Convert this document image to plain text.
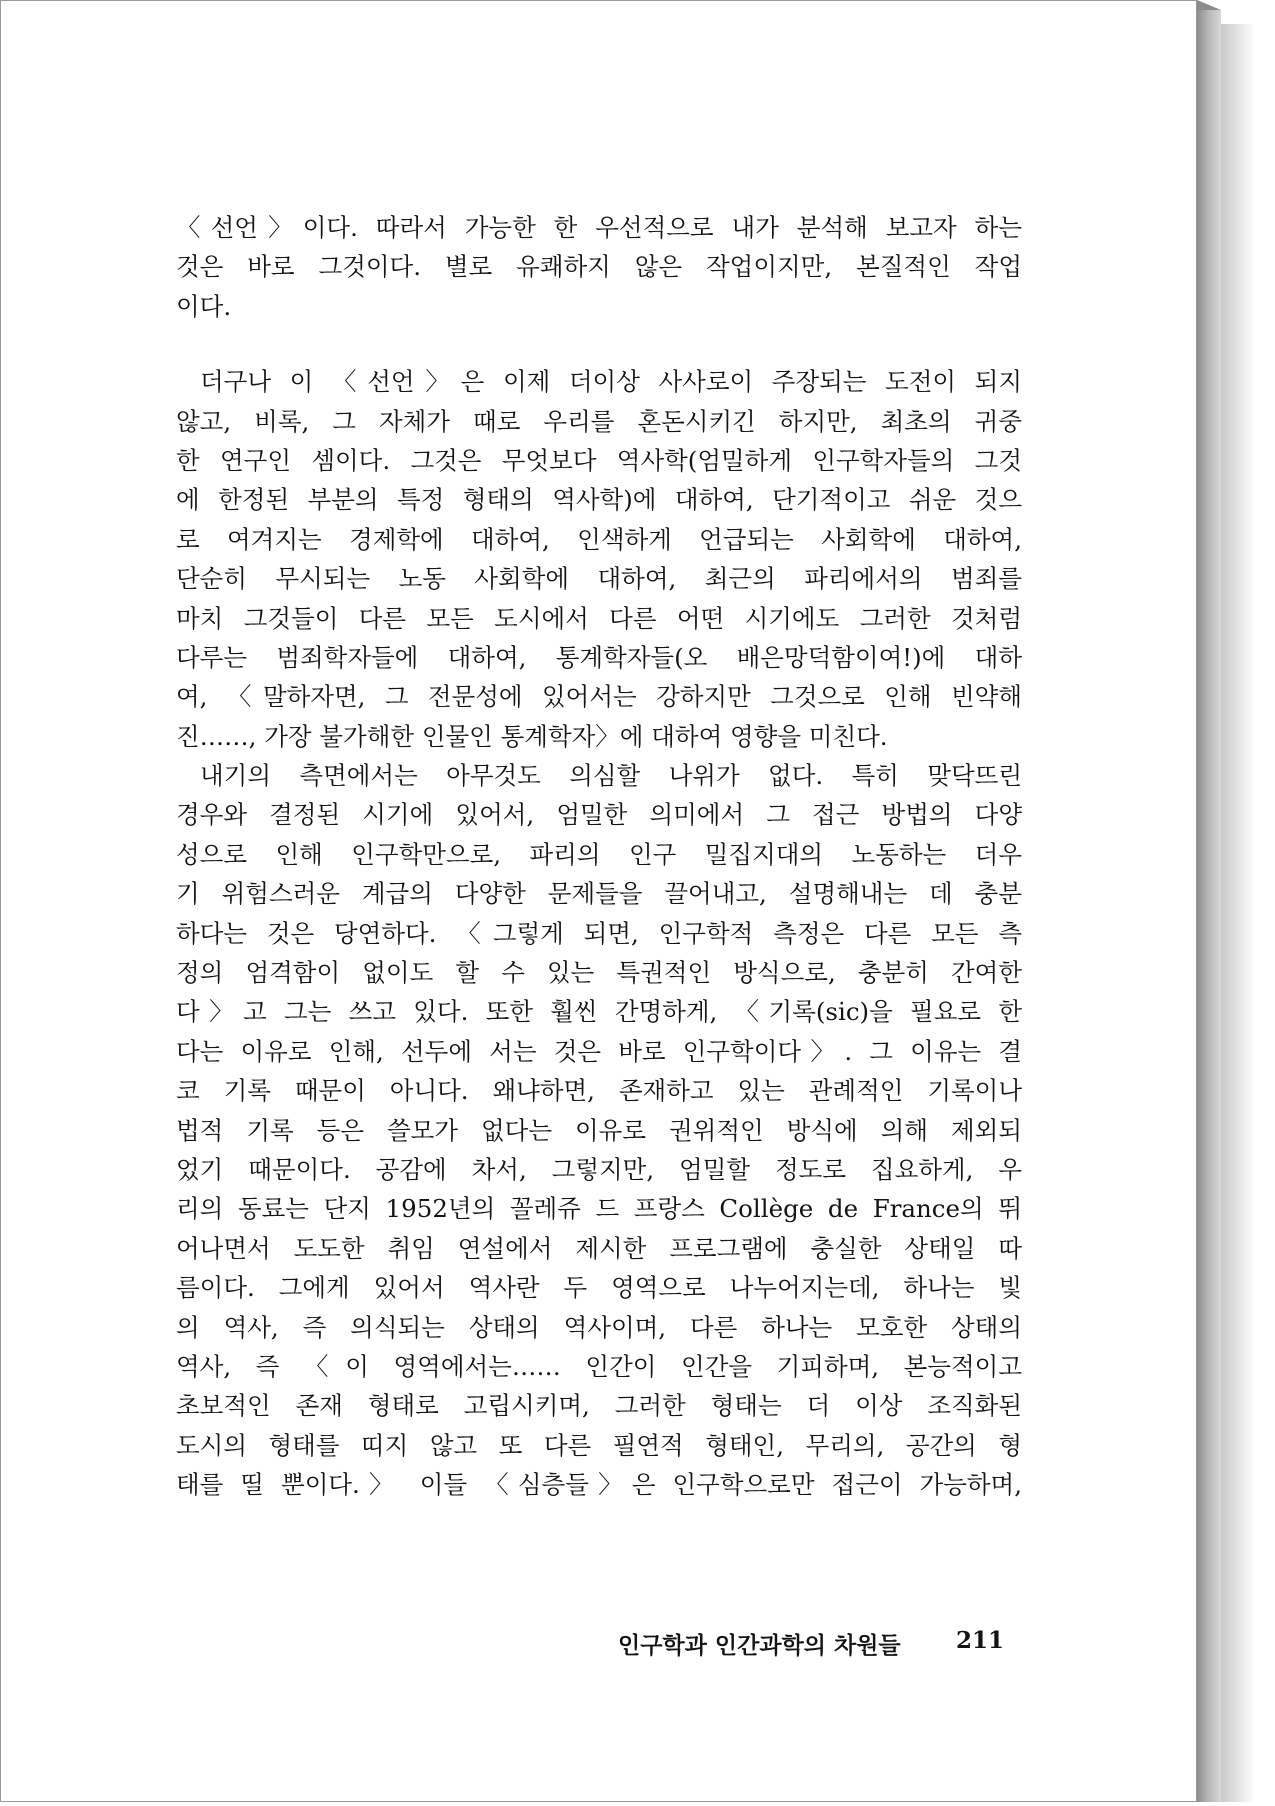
〈선언〉이다. 따라서 가능한 한 우선적으로 내가 분석해 보고자 하는
것은 바로 그것이다. 별로 유쾌하지 않은 작업이지만, 본질적인 작업
이다.

더구나 이 〈선언〉은 이제 더이상 사사로이 주장되는 도전이 되지
않고, 비록, 그 자체가 때로 우리를 혼돈시키긴 하지만, 최초의 귀중
한 연구인 셈이다. 그것은 무엇보다 역사학(엄밀하게 인구학자들의 그것
에 한정된 부분의 특정 형태의 역사학)에 대하여, 단기적이고 쉬운 것으
로 여겨지는 경제학에 대하여, 인색하게 언급되는 사회학에 대하여,
단순히 무시되는 노동 사회학에 대하여, 최근의 파리에서의 범죄를
마치 그것들이 다른 모든 도시에서 다른 어떤 시기에도 그러한 것처럼
다루는 범죄학자들에 대하여, 통계학자들(오 배은망덕함이여!)에 대하
여, 〈말하자면, 그 전문성에 있어서는 강하지만 그것으로 인해 빈약해
진……, 가장 불가해한 인물인 통계학자〉에 대하여 영향을 미친다.

내기의 측면에서는 아무것도 의심할 나위가 없다. 특히 맞닥뜨린
경우와 결정된 시기에 있어서, 엄밀한 의미에서 그 접근 방법의 다양
성으로 인해 인구학만으로, 파리의 인구 밀집지대의 노동하는 더우
기 위험스러운 계급의 다양한 문제들을 끌어내고, 설명해내는 데 충분
하다는 것은 당연하다. 〈그렇게 되면, 인구학적 측정은 다른 모든 측
정의 엄격함이 없이도 할 수 있는 특권적인 방식으로, 충분히 간여한
다〉고 그는 쓰고 있다. 또한 훨씬 간명하게, 〈기록(sic)을 필요로 한
다는 이유로 인해, 선두에 서는 것은 바로 인구학이다〉. 그 이유는 결
코 기록 때문이 아니다. 왜냐하면, 존재하고 있는 관례적인 기록이나
법적 기록 등은 쓸모가 없다는 이유로 권위적인 방식에 의해 제외되
었기 때문이다. 공감에 차서, 그렇지만, 엄밀할 정도로 집요하게, 우
리의 동료는 단지 1952년의 꼴레쥬 드 프랑스 Collège de France의 뛰
어나면서 도도한 취임 연설에서 제시한 프로그램에 충실한 상태일 따
름이다. 그에게 있어서 역사란 두 영역으로 나누어지는데, 하나는 빛
의 역사, 즉 의식되는 상태의 역사이며, 다른 하나는 모호한 상태의
역사, 즉 〈이 영역에서는…… 인간이 인간을 기피하며, 본능적이고
초보적인 존재 형태로 고립시키며, 그러한 형태는 더 이상 조직화된
도시의 형태를 띠지 않고 또 다른 필연적 형태인, 무리의, 공간의 형
태를 띨 뿐이다.〉 이들 〈심층들〉은 인구학으로만 접근이 가능하며,

인구학과 인간과학의 차원들 211
